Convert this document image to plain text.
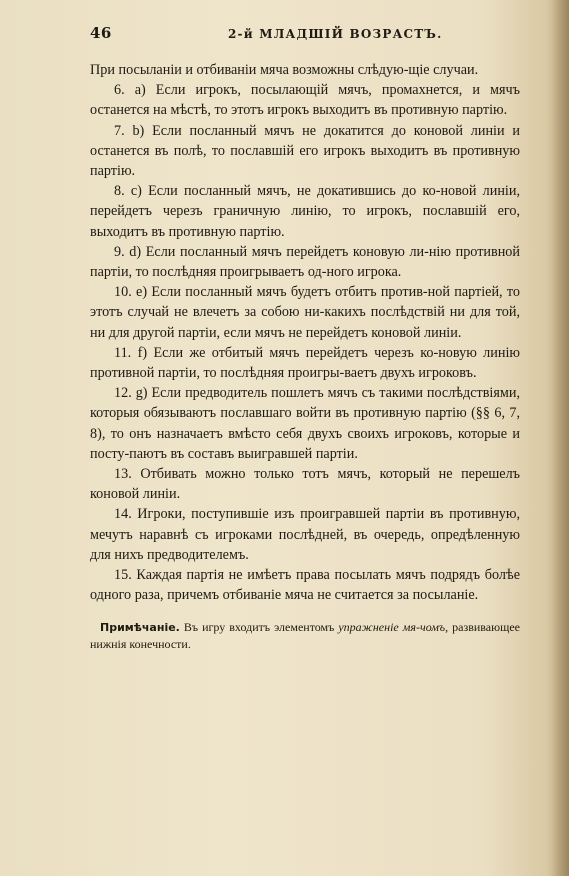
46	2-й МЛАДШІЙ ВОЗРАСТЪ.

При посыланіи и отбиваніи мяча возможны слѣдую-щіе случаи.

6. a) Если игрокъ, посылающій мячъ, промахнется, и мячъ останется на мѣстѣ, то этотъ игрокъ выходитъ въ противную партію.

7. b) Если посланный мячъ не докатится до коновой линіи и останется въ полѣ, то пославшій его игрокъ выходитъ въ противную партію.

8. c) Если посланный мячъ, не докатившись до ко-новой линіи, перейдетъ черезъ граничную линію, то игрокъ, пославшій его, выходитъ въ противную партію.

9. d) Если посланный мячъ перейдетъ коновую ли-нію противной партіи, то послѣдняя проигрываетъ од-ного игрока.

10. e) Если посланный мячъ будетъ отбитъ против-ной партіей, то этотъ случай не влечетъ за собою ни-какихъ послѣдствій ни для той, ни для другой партіи, если мячъ не перейдетъ коновой линіи.

11. f) Если же отбитый мячъ перейдетъ черезъ ко-новую линію противной партіи, то послѣдняя проигры-ваетъ двухъ игроковъ.

12. g) Если предводитель пошлетъ мячъ съ такими послѣдствіями, которыя обязываютъ пославшаго войти въ противную партію (§§ 6, 7, 8), то онъ назначаетъ вмѣсто себя двухъ своихъ игроковъ, которые и посту-паютъ въ составъ выигравшей партіи.

13. Отбивать можно только тотъ мячъ, который не перешелъ коновой линіи.

14. Игроки, поступившіе изъ проигравшей партіи въ противную, мечутъ наравнѣ съ игроками послѣдней, въ очередь, опредѣленную для нихъ предводителемъ.

15. Каждая партія не имѣетъ права посылать мячъ подрядъ болѣе одного раза, причемъ отбиваніе мяча не считается за посыланіе.

Примѣчаніе. Въ игру входитъ элементомъ упражненіе мя-чомъ, развивающее нижнія конечности.
